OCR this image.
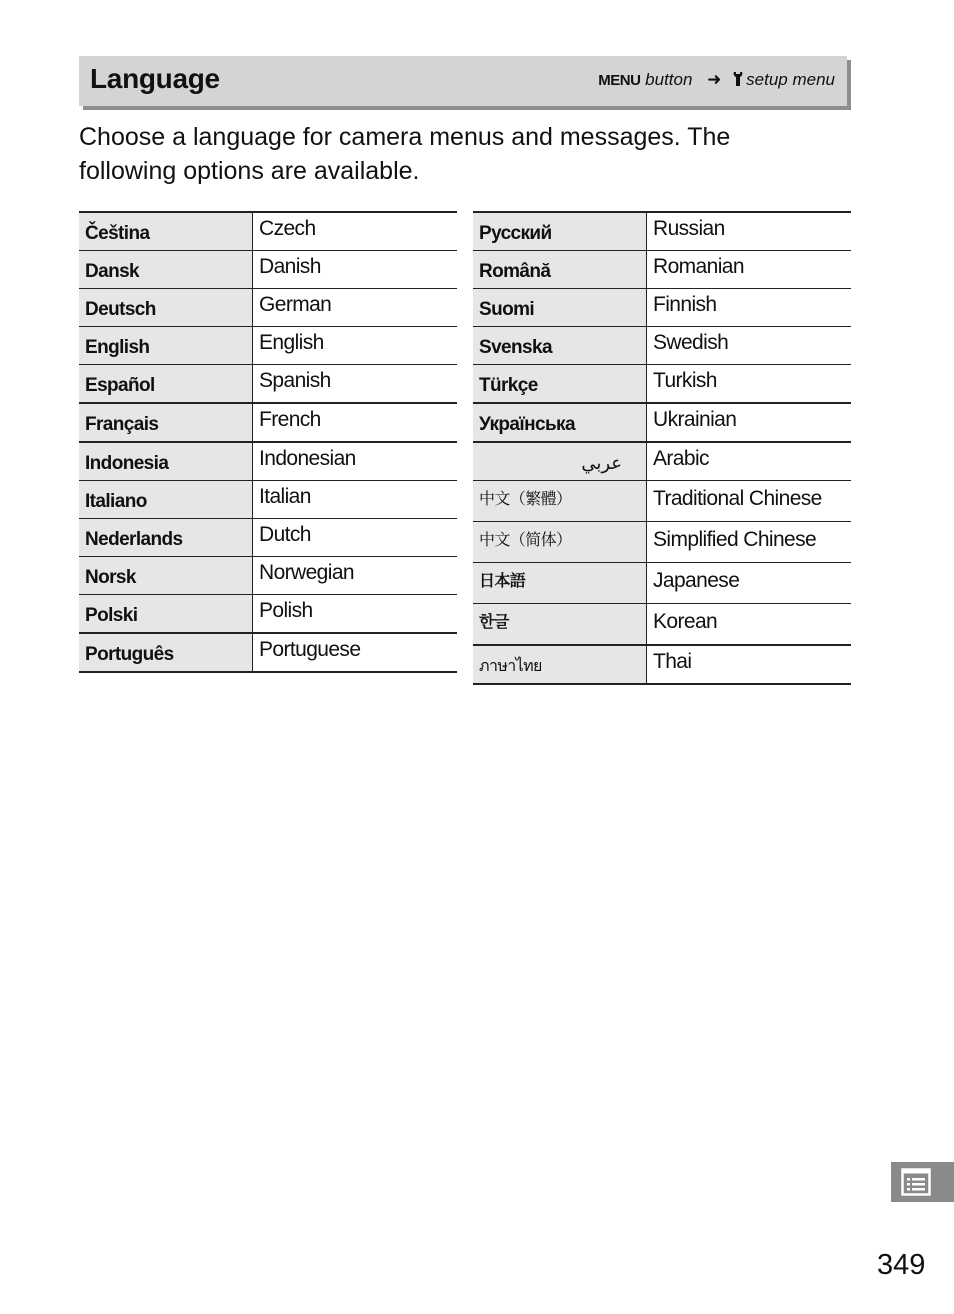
Language	MENU button ➜ setup menu
Choose a language for camera menus and messages. The following options are available.
Čeština	Czech
Dansk	Danish
Deutsch	German
English	English
Español	Spanish
Français	French
Indonesia	Indonesian
Italiano	Italian
Nederlands	Dutch
Norsk	Norwegian
Polski	Polish
Português	Portuguese
Русский	Russian
Română	Romanian
Suomi	Finnish
Svenska	Swedish
Türkçe	Turkish
Українська	Ukrainian
عربي	Arabic
中文（繁體）	Traditional Chinese
中文（简体）	Simplified Chinese
日本語	Japanese
한글	Korean
ภาษาไทย	Thai
349
